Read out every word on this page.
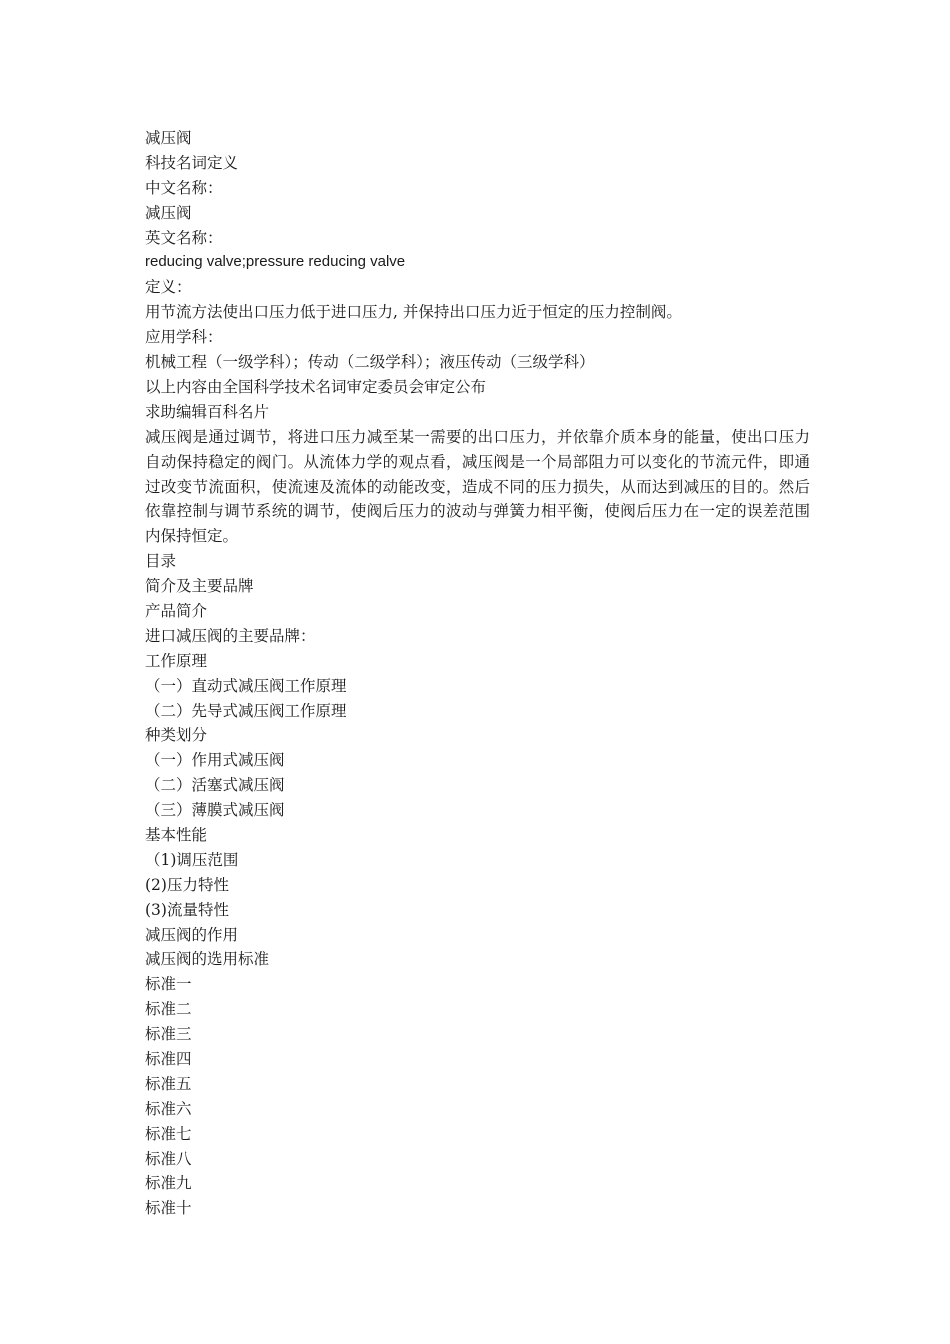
减压阀
科技名词定义
中文名称：
减压阀
英文名称：
reducing valve;pressure reducing valve
定义：
用节流方法使出口压力低于进口压力, 并保持出口压力近于恒定的压力控制阀。
应用学科：
机械工程（一级学科）；传动（二级学科）；液压传动（三级学科）
以上内容由全国科学技术名词审定委员会审定公布
求助编辑百科名片

减压阀是通过调节，将进口压力减至某一需要的出口压力，并依靠介质本身的能量，使出口压力自动保持稳定的阀门。从流体力学的观点看，减压阀是一个局部阻力可以变化的节流元件，即通过改变节流面积，使流速及流体的动能改变，造成不同的压力损失，从而达到减压的目的。然后依靠控制与调节系统的调节，使阀后压力的波动与弹簧力相平衡，使阀后压力在一定的误差范围内保持恒定。

目录
简介及主要品牌
产品简介
进口减压阀的主要品牌：
工作原理
（一）直动式减压阀工作原理
（二）先导式减压阀工作原理
种类划分
（一）作用式减压阀
（二）活塞式减压阀
（三）薄膜式减压阀
基本性能
（1)调压范围
(2)压力特性
(3)流量特性
减压阀的作用
减压阀的选用标准
标准一
标准二
标准三
标准四
标准五
标准六
标准七
标准八
标准九
标准十
